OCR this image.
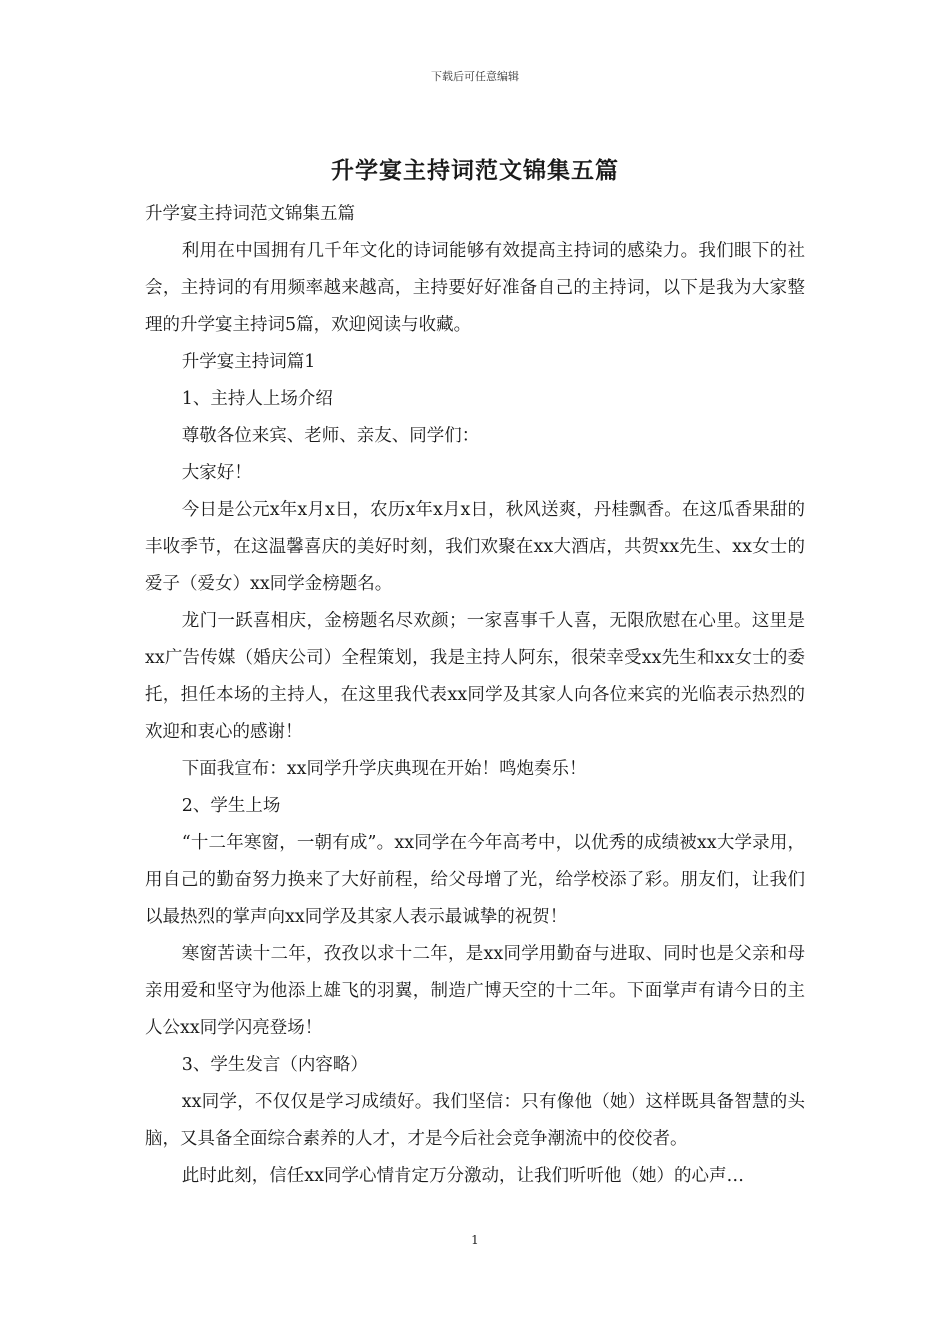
下载后可任意编辑
升学宴主持词范文锦集五篇

升学宴主持词范文锦集五篇

利用在中国拥有几千年文化的诗词能够有效提高主持词的感染力。我们眼下的社会，主持词的有用频率越来越高，主持要好好准备自己的主持词，以下是我为大家整理的升学宴主持词5篇，欢迎阅读与收藏。

升学宴主持词篇1

1、主持人上场介绍

尊敬各位来宾、老师、亲友、同学们：

大家好！

今日是公元x年x月x日，农历x年x月x日，秋风送爽，丹桂飘香。在这瓜香果甜的丰收季节，在这温馨喜庆的美好时刻，我们欢聚在xx大酒店，共贺xx先生、xx女士的爱子（爱女）xx同学金榜题名。

龙门一跃喜相庆，金榜题名尽欢颜；一家喜事千人喜，无限欣慰在心里。这里是xx广告传媒（婚庆公司）全程策划，我是主持人阿东，很荣幸受xx先生和xx女士的委托，担任本场的主持人，在这里我代表xx同学及其家人向各位来宾的光临表示热烈的欢迎和衷心的感谢！

下面我宣布：xx同学升学庆典现在开始！鸣炮奏乐！

2、学生上场

“十二年寒窗，一朝有成”。xx同学在今年高考中，以优秀的成绩被xx大学录用，用自己的勤奋努力换来了大好前程，给父母增了光，给学校添了彩。朋友们，让我们以最热烈的掌声向xx同学及其家人表示最诚挚的祝贺！

寒窗苦读十二年，孜孜以求十二年，是xx同学用勤奋与进取、同时也是父亲和母亲用爱和坚守为他添上雄飞的羽翼，制造广博天空的十二年。下面掌声有请今日的主人公xx同学闪亮登场！

3、学生发言（内容略）

xx同学，不仅仅是学习成绩好。我们坚信：只有像他（她）这样既具备智慧的头脑，又具备全面综合素养的人才，才是今后社会竞争潮流中的佼佼者。

此时此刻，信任xx同学心情肯定万分激动，让我们听听他（她）的心声…

1
